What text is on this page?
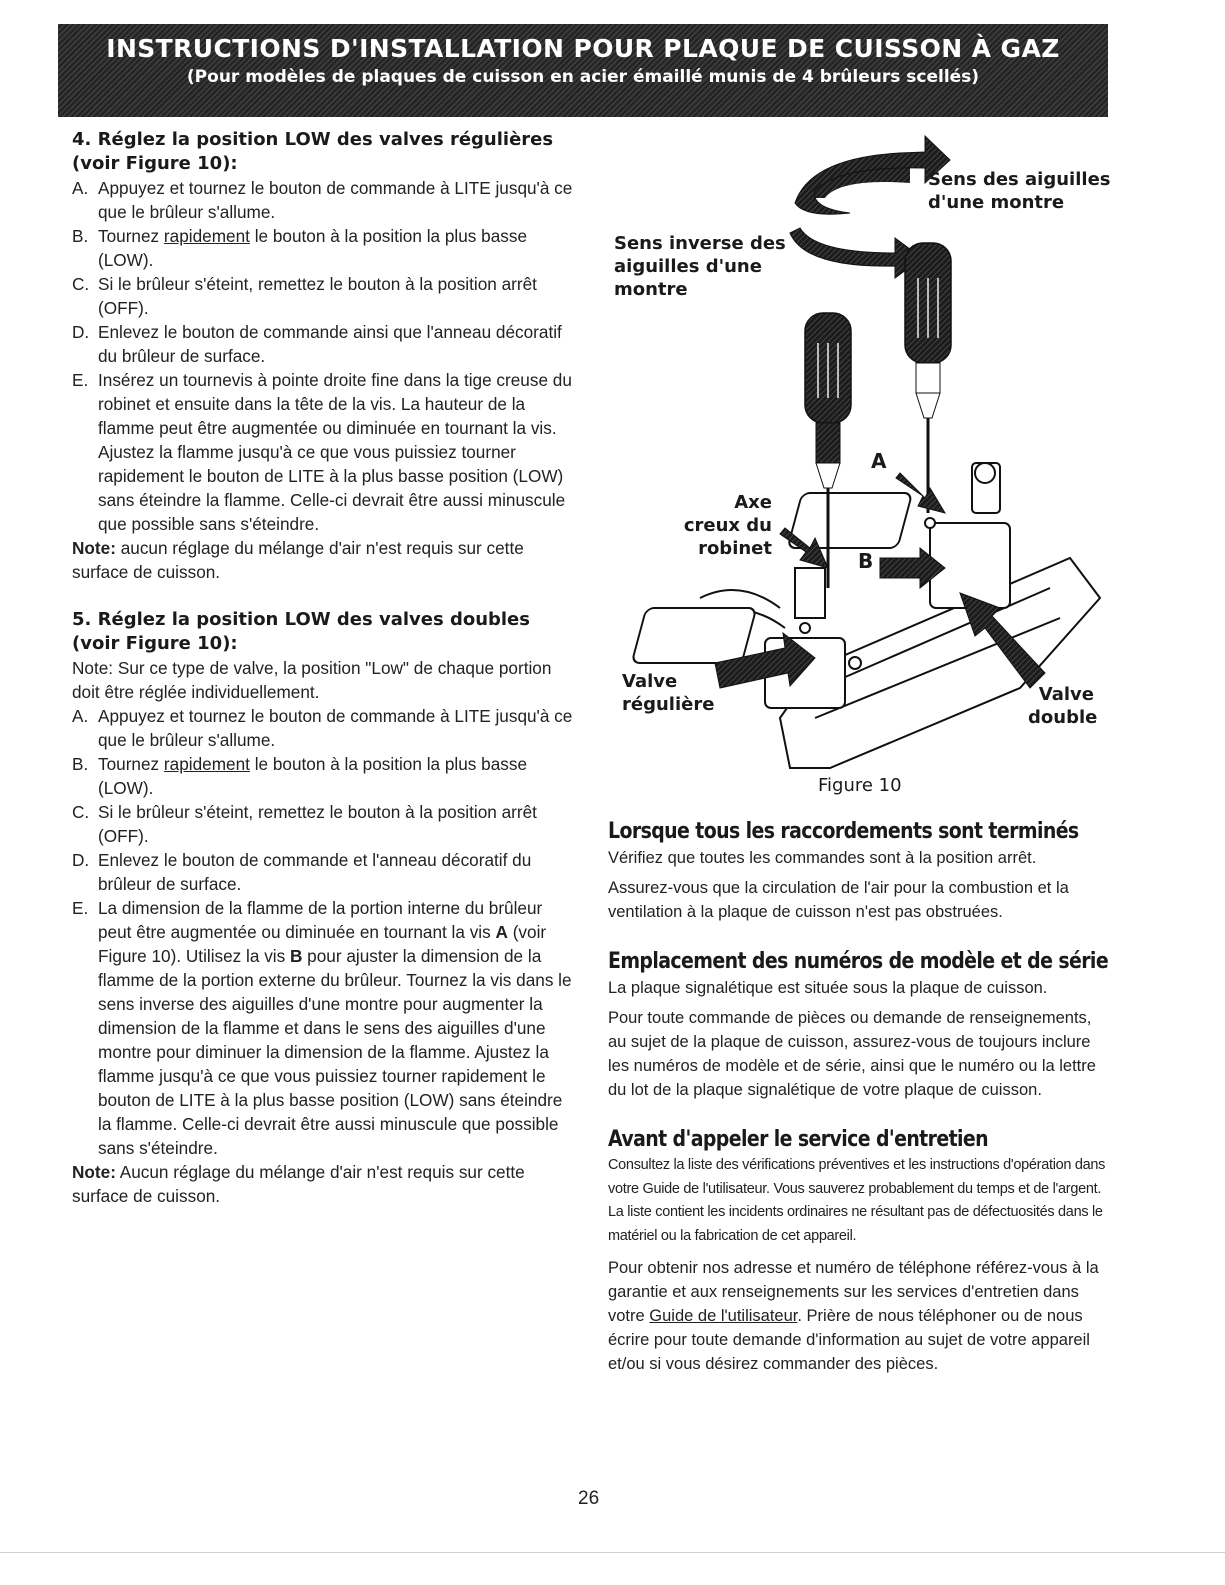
INSTRUCTIONS D'INSTALLATION POUR PLAQUE DE CUISSON À GAZ
(Pour modèles de plaques de cuisson en acier émaillé munis de 4 brûleurs scellés)
4. Réglez la position LOW des valves régulières (voir Figure 10):
A. Appuyez et tournez le bouton de commande à LITE jusqu'à ce que le brûleur s'allume.
B. Tournez rapidement le bouton à la position la plus basse (LOW).
C. Si le brûleur s'éteint, remettez le bouton à la position arrêt (OFF).
D. Enlevez le bouton de commande ainsi que l'anneau décoratif du brûleur de surface.
E. Insérez un tournevis à pointe droite fine dans la tige creuse du robinet et ensuite dans la tête de la vis. La hauteur de la flamme peut être augmentée ou diminuée en tournant la vis. Ajustez la flamme jusqu'à ce que vous puissiez tourner rapidement le bouton de LITE à la plus basse position (LOW) sans éteindre la flamme. Celle-ci devrait être aussi minuscule que possible sans s'éteindre.
Note: aucun réglage du mélange d'air n'est requis sur cette surface de cuisson.
5. Réglez la position LOW des valves doubles (voir Figure 10):
Note: Sur ce type de valve, la position "Low" de chaque portion doit être réglée individuellement.
A. Appuyez et tournez le bouton de commande à LITE jusqu'à ce que le brûleur s'allume.
B. Tournez rapidement le bouton à la position la plus basse (LOW).
C. Si le brûleur s'éteint, remettez le bouton à la position arrêt (OFF).
D. Enlevez le bouton de commande et l'anneau décoratif du brûleur de surface.
E. La dimension de la flamme de la portion interne du brûleur peut être augmentée ou diminuée en tournant la vis A (voir Figure 10). Utilisez la vis B pour ajuster la dimension de la flamme de la portion externe du brûleur. Tournez la vis dans le sens inverse des aiguilles d'une montre pour augmenter la dimension de la flamme et dans le sens des aiguilles d'une montre pour diminuer la dimension de la flamme. Ajustez la flamme jusqu'à ce que vous puissiez tourner rapidement le bouton de LITE à la plus basse position (LOW) sans éteindre la flamme. Celle-ci devrait être aussi minuscule que possible sans s'éteindre.
Note: Aucun réglage du mélange d'air n'est requis sur cette surface de cuisson.
Sens des aiguilles
d'une montre
Sens inverse des
aiguilles d'une
montre
Axe
creux du
robinet
A
B
Valve
régulière	Valve
double
Figure 10
Lorsque tous les raccordements sont terminés

Vérifiez que toutes les commandes sont à la position arrêt.

Assurez-vous que la circulation de l'air pour la combustion et la ventilation à la plaque de cuisson n'est pas obstruées.

Emplacement des numéros de modèle et de série

La plaque signalétique est située sous la plaque de cuisson.

Pour toute commande de pièces ou demande de renseignements, au sujet de la plaque de cuisson, assurez-vous de toujours inclure les numéros de modèle et de série, ainsi que le numéro ou la lettre du lot de la plaque signalétique de votre plaque de cuisson.

Avant d'appeler le service d'entretien

Consultez la liste des vérifications préventives et les instructions d'opération dans votre Guide de l'utilisateur. Vous sauverez probablement du temps et de l'argent. La liste contient les incidents ordinaires ne résultant pas de défectuosités dans le matériel ou la fabrication de cet appareil.

Pour obtenir nos adresse et numéro de téléphone référez-vous à la garantie et aux renseignements sur les services d'entretien dans votre Guide de l'utilisateur. Prière de nous téléphoner ou de nous écrire pour toute demande d'information au sujet de votre appareil et/ou si vous désirez commander des pièces.

26
